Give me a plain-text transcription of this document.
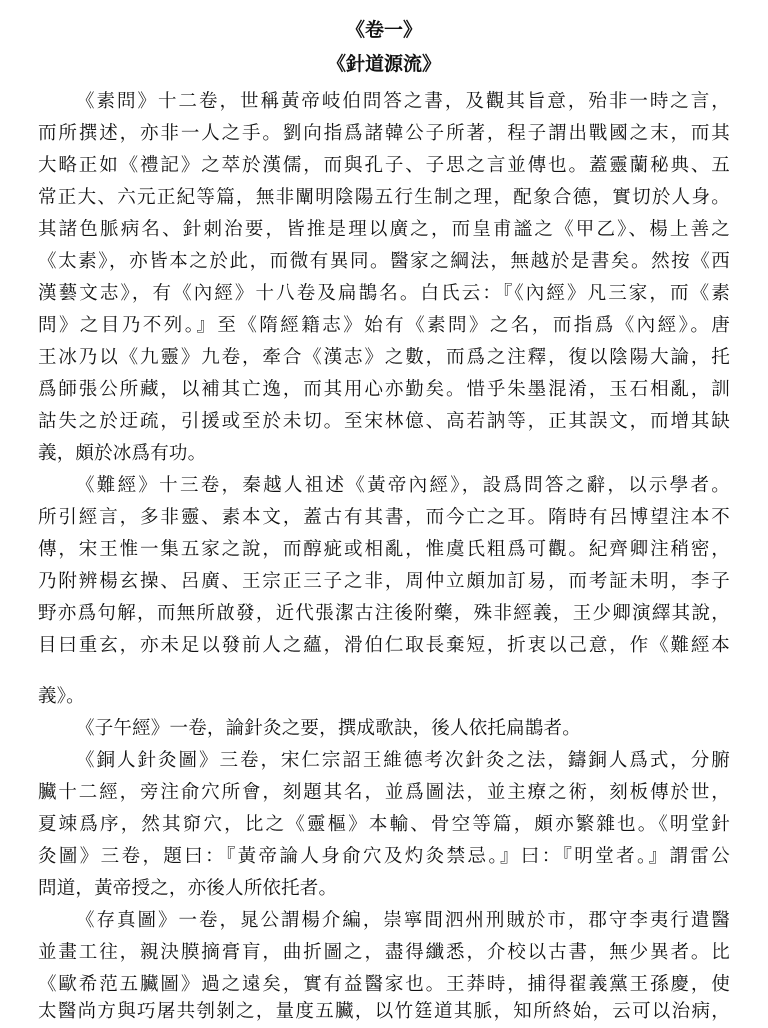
《卷一》
《針道源流》
《素問》十二卷，世稱黃帝岐伯問答之書，及觀其旨意，殆非一時之言，
而所撰述，亦非一人之手。劉向指爲諸韓公子所著，程子謂出戰國之末，而其
大略正如《禮記》之萃於漢儒，而與孔子、子思之言並傳也。蓋靈蘭秘典、五
常正大、六元正紀等篇，無非闡明陰陽五行生制之理，配象合德，實切於人身。
其諸色脈病名、針刺治要，皆推是理以廣之，而皇甫謐之《甲乙》、楊上善之
《太素》，亦皆本之於此，而微有異同。醫家之綱法，無越於是書矣。然按《西
漢藝文志》，有《內經》十八卷及扁鵲名。白氏云：『《內經》凡三家，而《素
問》之目乃不列。』至《隋經籍志》始有《素問》之名，而指爲《內經》。唐
王冰乃以《九靈》九卷，牽合《漢志》之數，而爲之注釋，復以陰陽大論，托
爲師張公所藏，以補其亡逸，而其用心亦勤矣。惜乎朱墨混淆，玉石相亂，訓
詁失之於迂疏，引援或至於未切。至宋林億、高若訥等，正其誤文，而增其缺
義，頗於冰爲有功。
《難經》十三卷，秦越人祖述《黃帝內經》，設爲問答之辭，以示學者。
所引經言，多非靈、素本文，蓋古有其書，而今亡之耳。隋時有呂博望注本不
傳，宋王惟一集五家之說，而醇疵或相亂，惟虞氏粗爲可觀。紀齊卿注稍密，
乃附辨楊玄操、呂廣、王宗正三子之非，周仲立頗加訂易，而考証未明，李子
野亦爲句解，而無所啟發，近代張潔古注後附藥，殊非經義，王少卿演繹其說，
目曰重玄，亦未足以發前人之蘊，滑伯仁取長棄短，折衷以己意，作《難經本
義》。
《子午經》一卷，論針灸之要，撰成歌訣，後人依托扁鵲者。
《銅人針灸圖》三卷，宋仁宗詔王維德考次針灸之法，鑄銅人爲式，分腑
臟十二經，旁注俞穴所會，刻題其名，並爲圖法，並主療之術，刻板傳於世，
夏竦爲序，然其窌穴，比之《靈樞》本輸、骨空等篇，頗亦繁雜也。《明堂針
灸圖》三卷，題曰：『黃帝論人身俞穴及灼灸禁忌。』曰：『明堂者。』謂雷公
問道，黃帝授之，亦後人所依托者。
《存真圖》一卷，晁公謂楊介編，崇寧間泗州刑賊於市，郡守李夷行遣醫
並畫工往，親決膜摘膏肓，曲折圖之，盡得纖悉，介校以古書，無少異者。比
《歐希范五臟圖》過之遠矣，實有益醫家也。王莽時，捕得翟義黨王孫慶，使
太醫尚方與巧屠共刳剝之，量度五臟，以竹筳道其脈，知所終始，云可以治病，
